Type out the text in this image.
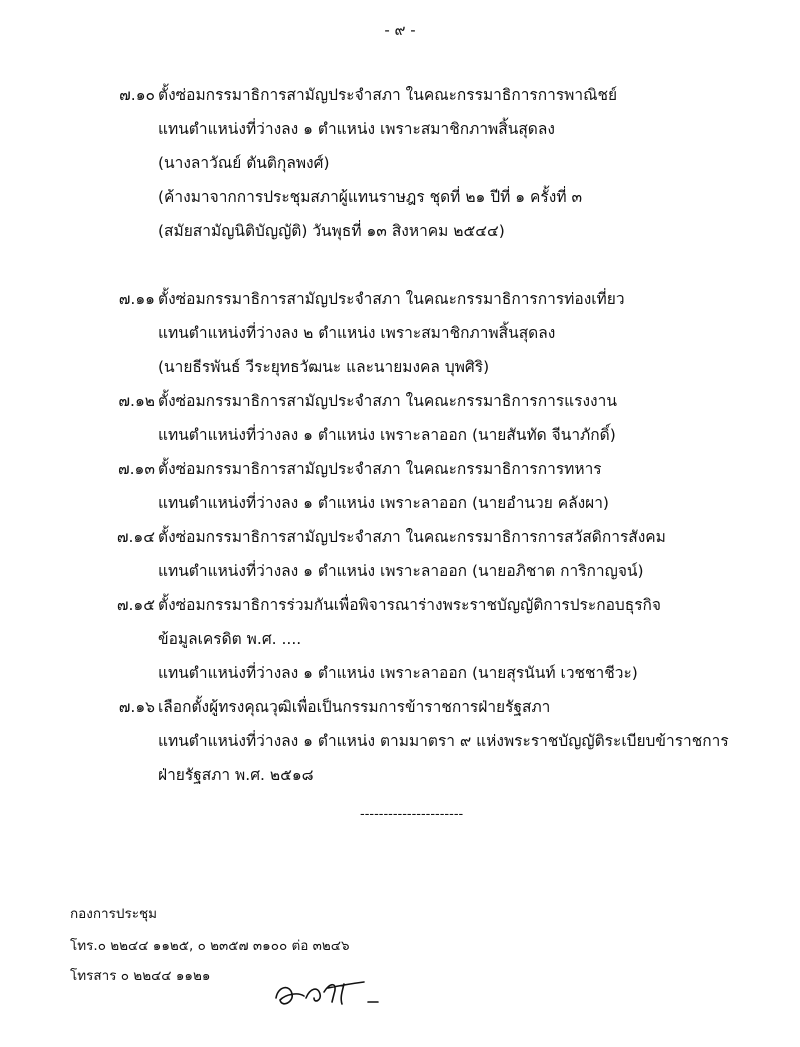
- ๙ -
๗.๑๐ ตั้งซ่อมกรรมาธิการสามัญประจำสภา ในคณะกรรมาธิการการพาณิชย์
แทนตำแหน่งที่ว่างลง ๑ ตำแหน่ง เพราะสมาชิกภาพสิ้นสุดลง
(นางลาวัณย์ ตันติกุลพงศ์)
(ค้างมาจากการประชุมสภาผู้แทนราษฎร ชุดที่ ๒๑ ปีที่ ๑ ครั้งที่ ๓
(สมัยสามัญนิติบัญญัติ) วันพุธที่ ๑๓ สิงหาคม ๒๕๔๔)
๗.๑๑ ตั้งซ่อมกรรมาธิการสามัญประจำสภา ในคณะกรรมาธิการการท่องเที่ยว
แทนตำแหน่งที่ว่างลง ๒ ตำแหน่ง เพราะสมาชิกภาพสิ้นสุดลง
(นายธีรพันธ์ วีระยุทธวัฒนะ และนายมงคล บุพศิริ)
๗.๑๒ ตั้งซ่อมกรรมาธิการสามัญประจำสภา ในคณะกรรมาธิการการแรงงาน
แทนตำแหน่งที่ว่างลง ๑ ตำแหน่ง เพราะลาออก (นายสันทัด จีนาภักดิ์)
๗.๑๓ ตั้งซ่อมกรรมาธิการสามัญประจำสภา ในคณะกรรมาธิการการทหาร
แทนตำแหน่งที่ว่างลง ๑ ตำแหน่ง เพราะลาออก (นายอำนวย คลังผา)
๗.๑๔ ตั้งซ่อมกรรมาธิการสามัญประจำสภา ในคณะกรรมาธิการการสวัสดิการสังคม
แทนตำแหน่งที่ว่างลง ๑ ตำแหน่ง เพราะลาออก (นายอภิชาต การิกาญจน์)
๗.๑๕ ตั้งซ่อมกรรมาธิการร่วมกันเพื่อพิจารณาร่างพระราชบัญญัติการประกอบธุรกิจ
ข้อมูลเครดิต พ.ศ. ....
แทนตำแหน่งที่ว่างลง ๑ ตำแหน่ง เพราะลาออก (นายสุรนันท์ เวชชาชีวะ)
๗.๑๖ เลือกตั้งผู้ทรงคุณวุฒิเพื่อเป็นกรรมการข้าราชการฝ่ายรัฐสภา
แทนตำแหน่งที่ว่างลง ๑ ตำแหน่ง ตามมาตรา ๙ แห่งพระราชบัญญัติระเบียบข้าราชการ
ฝ่ายรัฐสภา พ.ศ. ๒๕๑๘
----------------------
กองการประชุม
โทร.๐ ๒๒๔๔ ๑๑๒๕, ๐ ๒๓๕๗ ๓๑๐๐ ต่อ ๓๒๔๖
โทรสาร ๐ ๒๒๔๔ ๑๑๒๑
